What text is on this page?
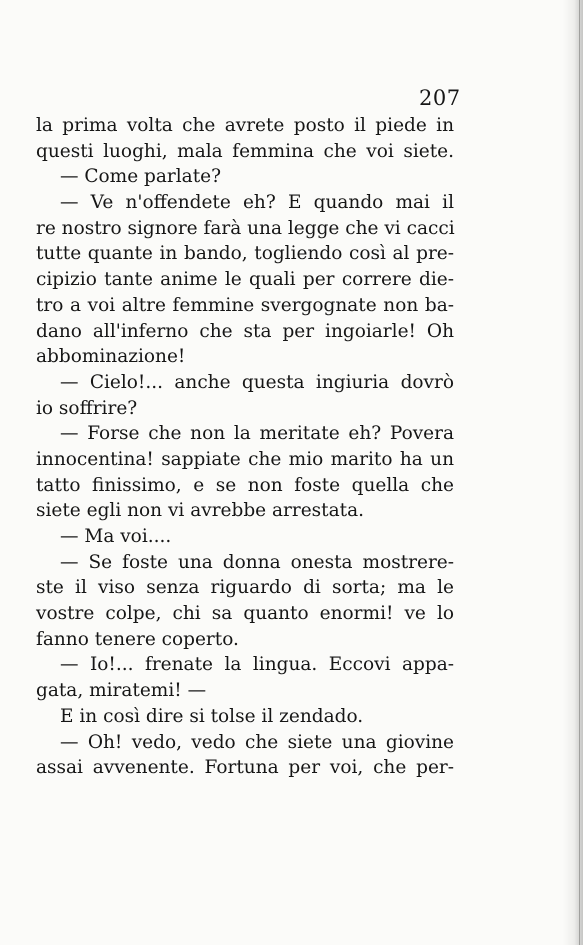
207
la prima volta che avrete posto il piede in
questi luoghi, mala femmina che voi siete.
— Come parlate?
— Ve n'offendete eh? E quando mai il
re nostro signore farà una legge che vi cacci
tutte quante in bando, togliendo così al pre-
cipizio tante anime le quali per correre die-
tro a voi altre femmine svergognate non ba-
dano all'inferno che sta per ingoiarle! Oh
abbominazione!
— Cielo!... anche questa ingiuria dovrò
io soffrire?
— Forse che non la meritate eh? Povera
innocentina! sappiate che mio marito ha un
tatto finissimo, e se non foste quella che
siete egli non vi avrebbe arrestata.
— Ma voi....
— Se foste una donna onesta mostrere-
ste il viso senza riguardo di sorta; ma le
vostre colpe, chi sa quanto enormi! ve lo
fanno tenere coperto.
— Io!... frenate la lingua. Eccovi appa-
gata, miratemi! —
E in così dire si tolse il zendado.
— Oh! vedo, vedo che siete una giovine
assai avvenente. Fortuna per voi, che per-
